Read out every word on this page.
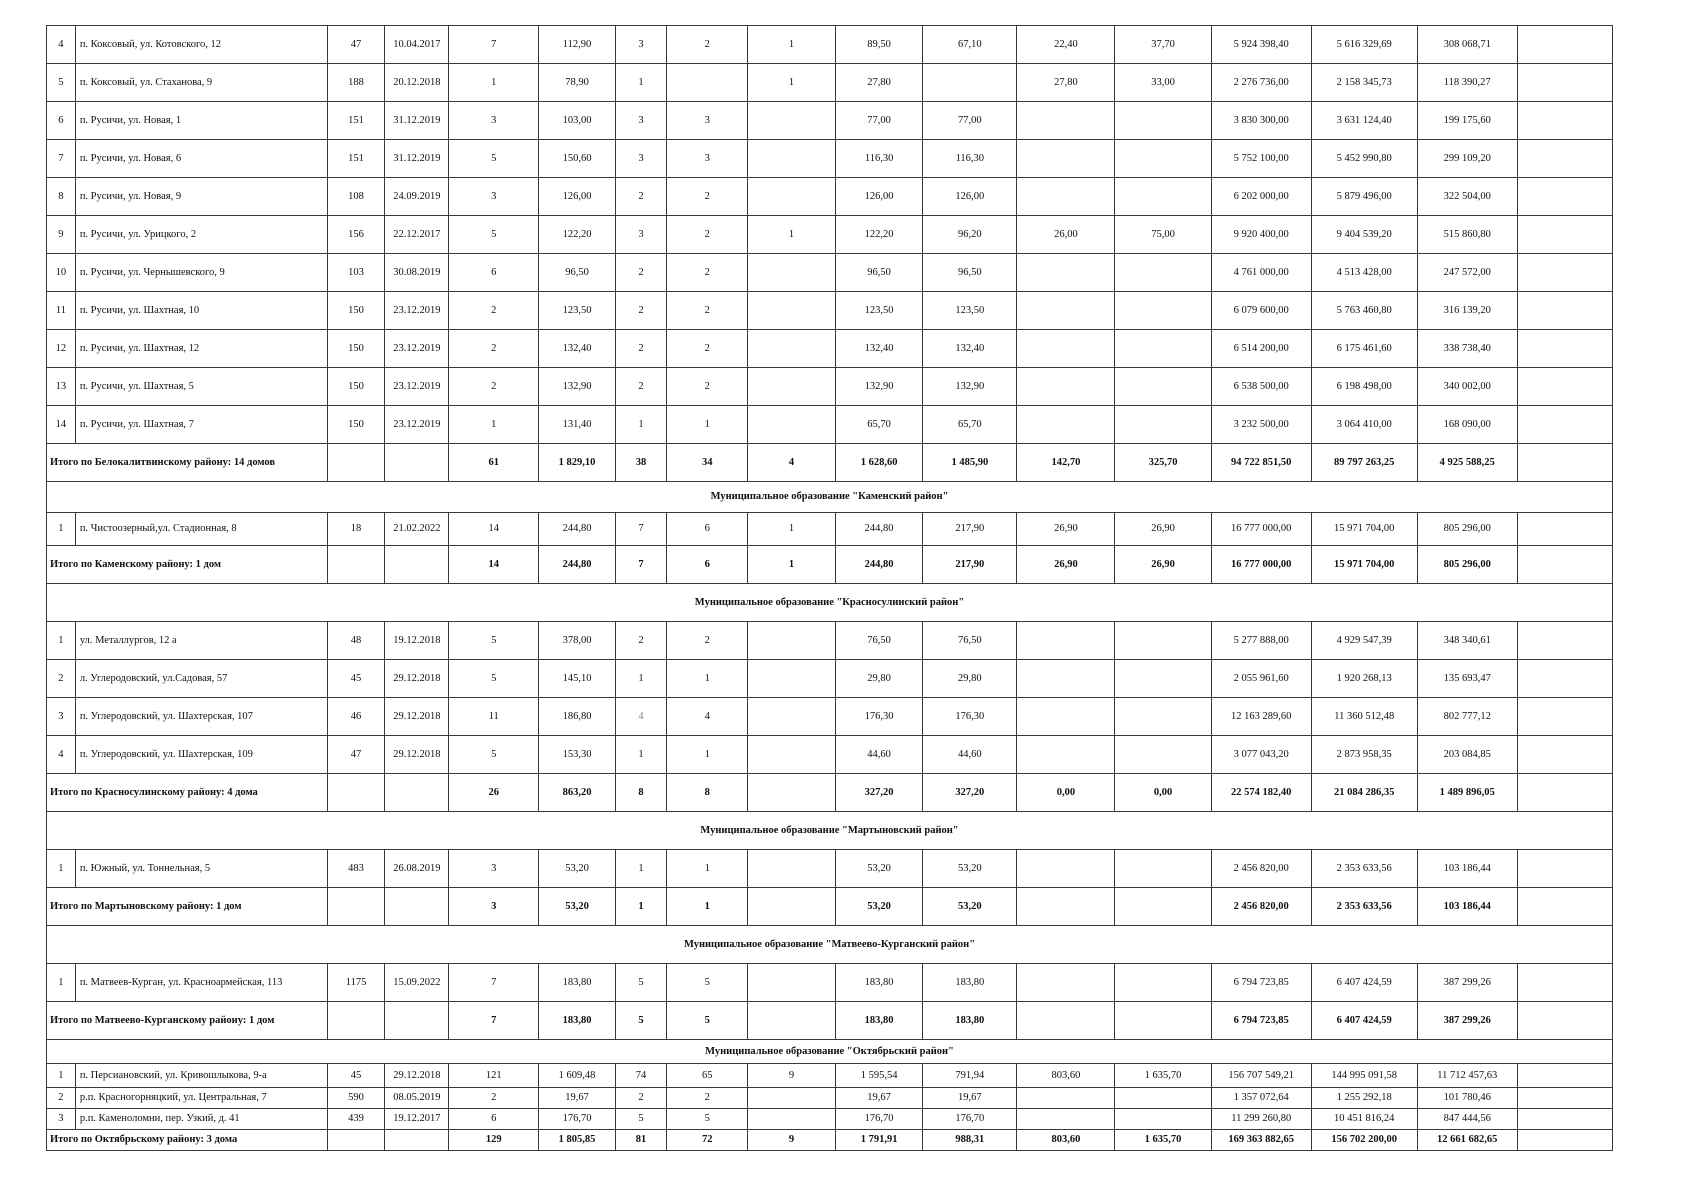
4	п. Коксовый, ул. Котовского, 12	47	10.04.2017	7	112,90	3	2	1	89,50	67,10	22,40	37,70	5 924 398,40	5 616 329,69	308 068,71	
5	п. Коксовый, ул. Стаханова, 9	188	20.12.2018	1	78,90	1		1	27,80		27,80	33,00	2 276 736,00	2 158 345,73	118 390,27	
6	п. Русичи, ул. Новая, 1	151	31.12.2019	3	103,00	3	3		77,00	77,00			3 830 300,00	3 631 124,40	199 175,60	
7	п. Русичи, ул. Новая, 6	151	31.12.2019	5	150,60	3	3		116,30	116,30			5 752 100,00	5 452 990,80	299 109,20	
8	п. Русичи, ул. Новая, 9	108	24.09.2019	3	126,00	2	2		126,00	126,00			6 202 000,00	5 879 496,00	322 504,00	
9	п. Русичи, ул. Урицкого, 2	156	22.12.2017	5	122,20	3	2	1	122,20	96,20	26,00	75,00	9 920 400,00	9 404 539,20	515 860,80	
10	п. Русичи, ул. Чернышевского, 9	103	30.08.2019	6	96,50	2	2		96,50	96,50			4 761 000,00	4 513 428,00	247 572,00	
11	п. Русичи, ул. Шахтная, 10	150	23.12.2019	2	123,50	2	2		123,50	123,50			6 079 600,00	5 763 460,80	316 139,20	
12	п. Русичи, ул. Шахтная, 12	150	23.12.2019	2	132,40	2	2		132,40	132,40			6 514 200,00	6 175 461,60	338 738,40	
13	п. Русичи, ул. Шахтная, 5	150	23.12.2019	2	132,90	2	2		132,90	132,90			6 538 500,00	6 198 498,00	340 002,00	
14	п. Русичи, ул. Шахтная, 7	150	23.12.2019	1	131,40	1	1		65,70	65,70			3 232 500,00	3 064 410,00	168 090,00	
Итого по Белокалитвинскому району: 14 домов				61	1 829,10	38	34	4	1 628,60	1 485,90	142,70	325,70	94 722 851,50	89 797 263,25	4 925 588,25	
Муниципальное образование "Каменский район"																
1	п. Чистоозерный,ул. Стадионная, 8	18	21.02.2022	14	244,80	7	6	1	244,80	217,90	26,90	26,90	16 777 000,00	15 971 704,00	805 296,00	
Итого по Каменскому району: 1 дом				14	244,80	7	6	1	244,80	217,90	26,90	26,90	16 777 000,00	15 971 704,00	805 296,00	
Муниципальное образование "Красносулинский район"																
1	ул. Металлургов, 12 а	48	19.12.2018	5	378,00	2	2		76,50	76,50			5 277 888,00	4 929 547,39	348 340,61	
2	л. Углеродовский, ул.Садовая, 57	45	29.12.2018	5	145,10	1	1		29,80	29,80			2 055 961,60	1 920 268,13	135 693,47	
3	п. Углеродовский, ул. Шахтерская, 107	46	29.12.2018	11	186,80	4	4		176,30	176,30			12 163 289,60	11 360 512,48	802 777,12	
4	п. Углеродовский, ул. Шахтерская, 109	47	29.12.2018	5	153,30	1	1		44,60	44,60			3 077 043,20	2 873 958,35	203 084,85	
Итого по Красносулинскому району: 4 дома				26	863,20	8	8		327,20	327,20	0,00	0,00	22 574 182,40	21 084 286,35	1 489 896,05	
Муниципальное образование "Мартыновский район"																
1	п. Южный, ул. Тоннельная, 5	483	26.08.2019	3	53,20	1	1		53,20	53,20			2 456 820,00	2 353 633,56	103 186,44	
Итого по Мартыновскому району: 1 дом				3	53,20	1	1		53,20	53,20			2 456 820,00	2 353 633,56	103 186,44	
Муниципальное образование "Матвеево-Курганский район"																
1	п. Матвеев-Курган, ул. Красноармейская, 113	1175	15.09.2022	7	183,80	5	5		183,80	183,80			6 794 723,85	6 407 424,59	387 299,26	
Итого по Матвеево-Курганскому району: 1 дом				7	183,80	5	5		183,80	183,80			6 794 723,85	6 407 424,59	387 299,26	
Муниципальное образование "Октябрьский район"																
1	п. Персиановский, ул. Кривошлыкова, 9-а	45	29.12.2018	121	1 609,48	74	65	9	1 595,54	791,94	803,60	1 635,70	156 707 549,21	144 995 091,58	11 712 457,63	
2	р.п. Красногорняцкий, ул. Центральная, 7	590	08.05.2019	2	19,67	2	2		19,67	19,67			1 357 072,64	1 255 292,18	101 780,46	
3	р.п. Каменоломни, пер. Узкий, д. 41	439	19.12.2017	6	176,70	5	5		176,70	176,70			11 299 260,80	10 451 816,24	847 444,56	
Итого по Октябрьскому району: 3 дома				129	1 805,85	81	72	9	1 791,91	988,31	803,60	1 635,70	169 363 882,65	156 702 200,00	12 661 682,65	
